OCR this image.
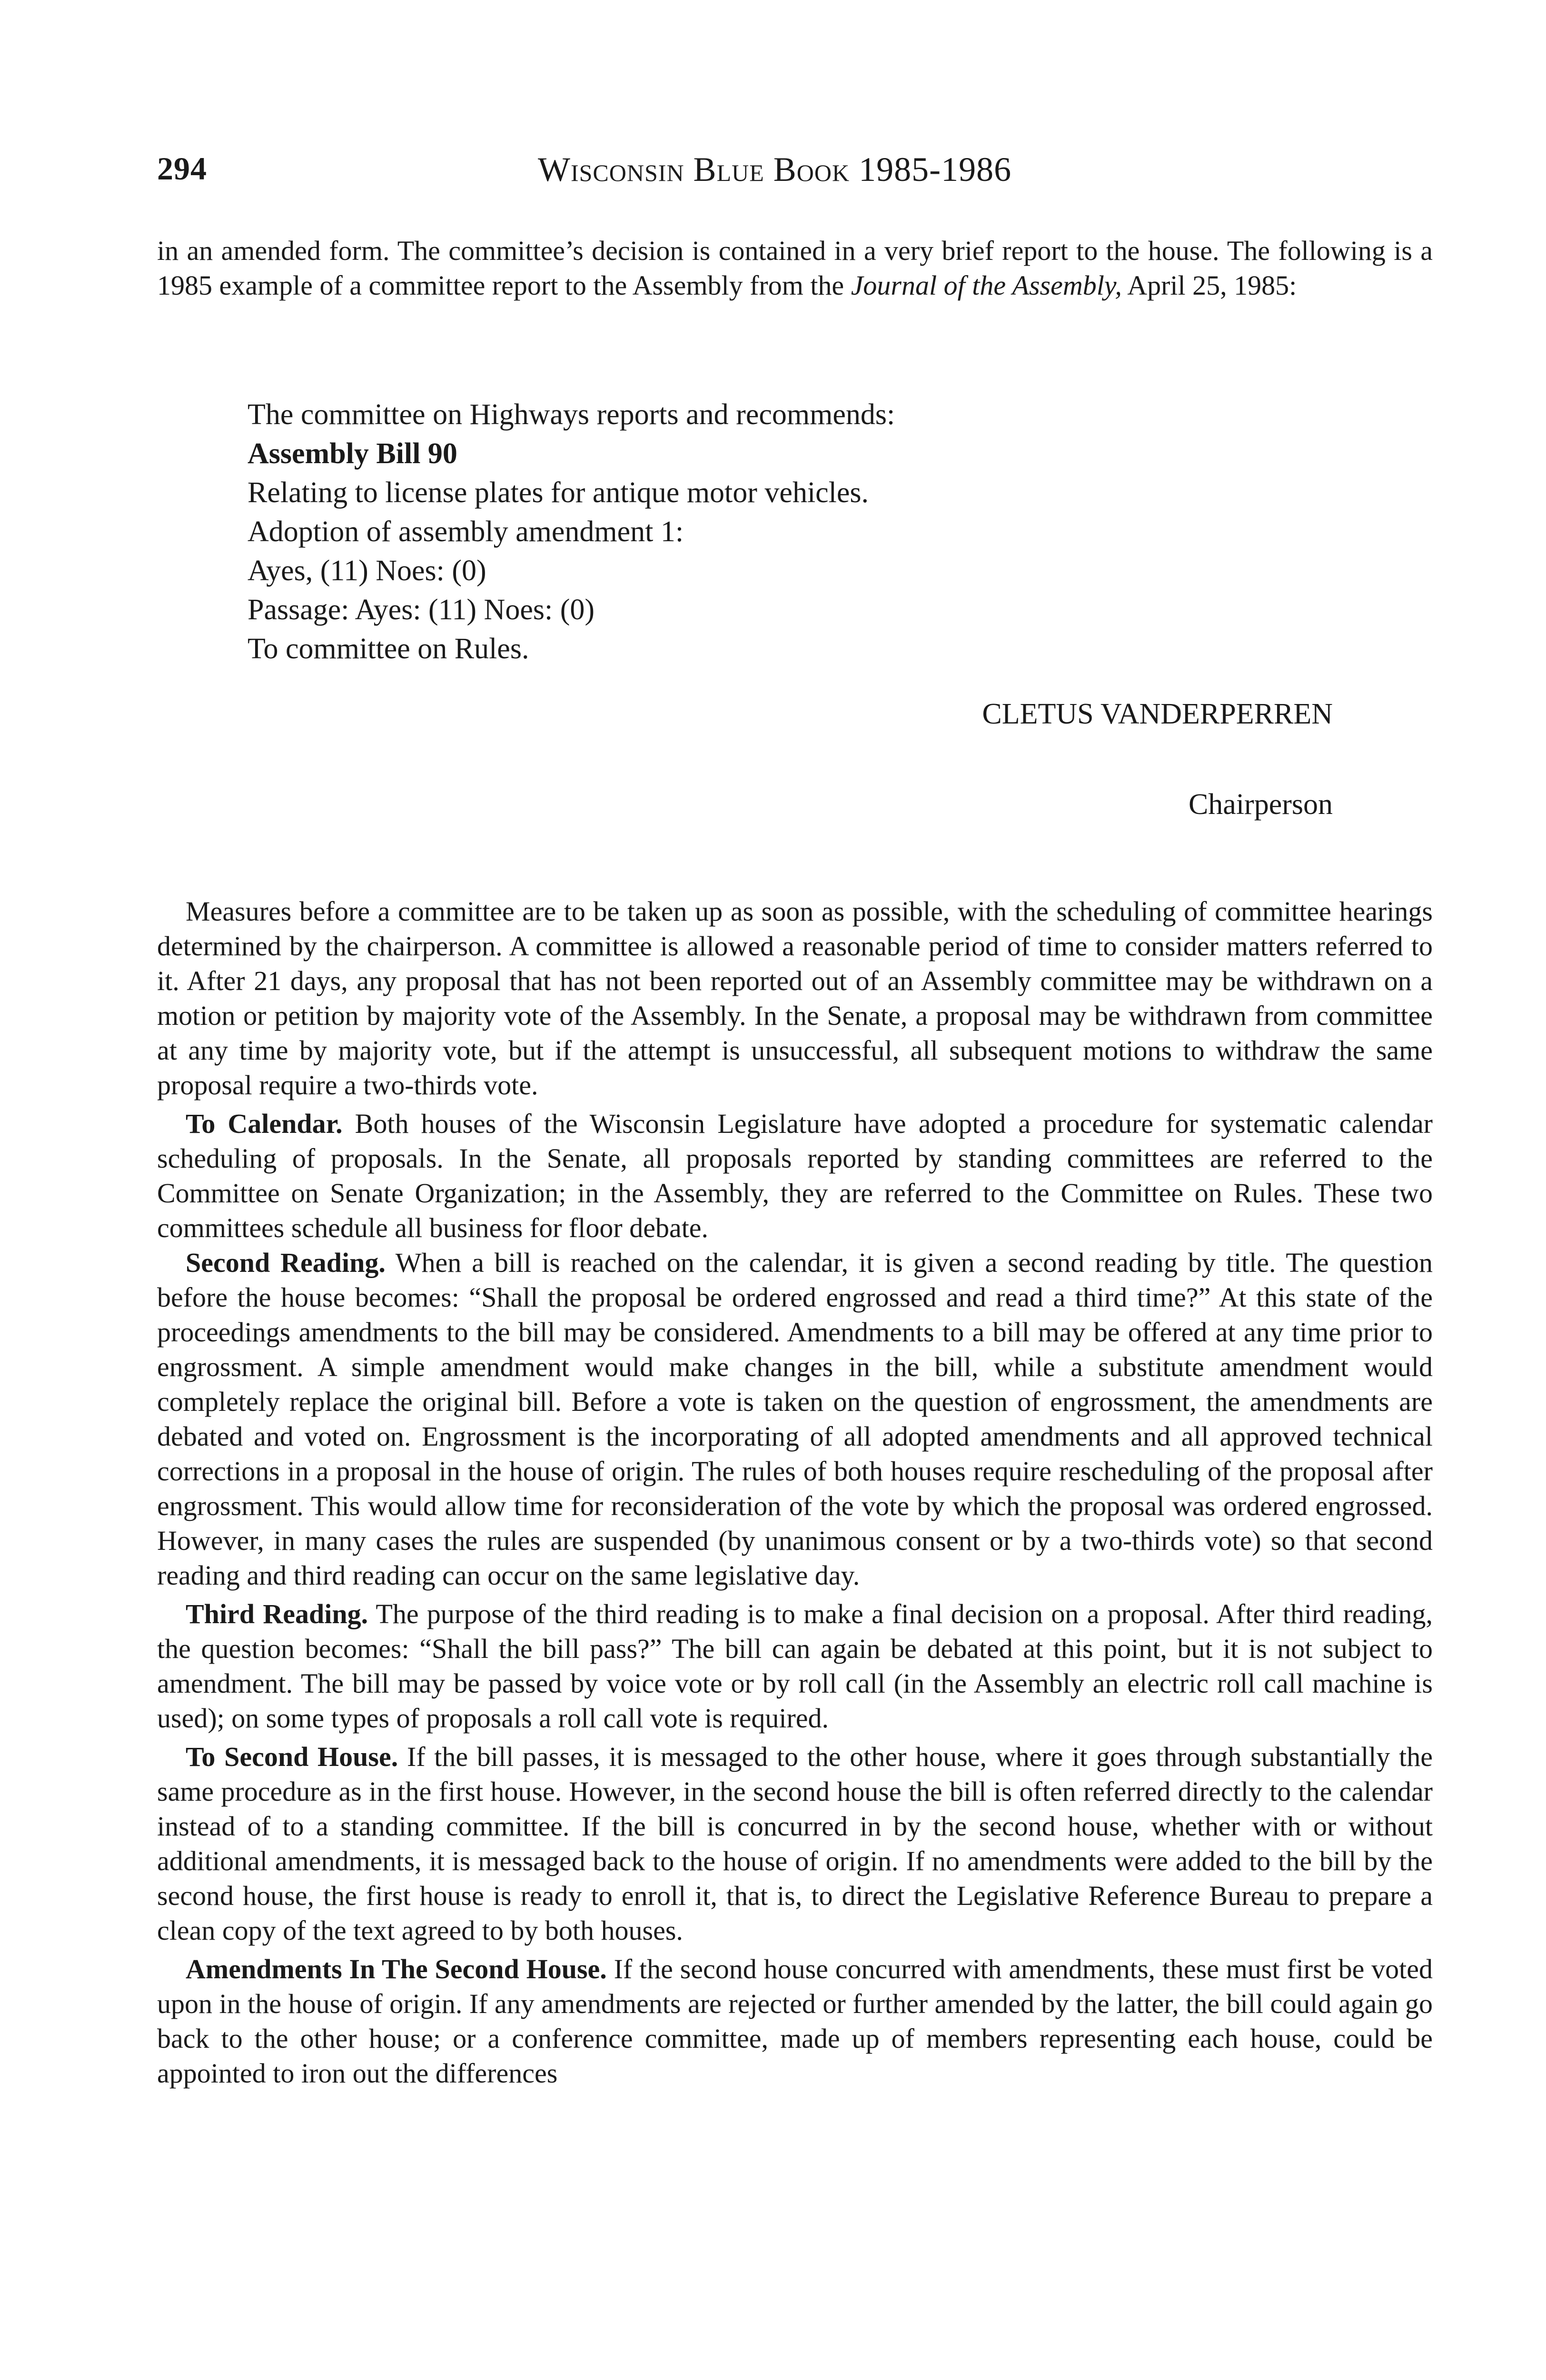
294	Wisconsin Blue Book 1985-1986

in an amended form. The committee’s decision is contained in a very brief report to the house. The following is a 1985 example of a committee report to the Assembly from the Journal of the Assembly, April 25, 1985:

The committee on Highways reports and recommends:
Assembly Bill 90
Relating to license plates for antique motor vehicles.
Adoption of assembly amendment 1:
Ayes, (11) Noes: (0)
Passage: Ayes: (11) Noes: (0)
To committee on Rules.
CLETUS VANDERPERREN
Chairperson

Measures before a committee are to be taken up as soon as possible, with the scheduling of committee hearings determined by the chairperson. A committee is allowed a reasonable period of time to consider matters referred to it. After 21 days, any proposal that has not been reported out of an Assembly committee may be withdrawn on a motion or petition by majority vote of the Assembly. In the Senate, a proposal may be withdrawn from committee at any time by majority vote, but if the attempt is unsuccessful, all subsequent motions to withdraw the same proposal require a two-thirds vote.

To Calendar. Both houses of the Wisconsin Legislature have adopted a procedure for systematic calendar scheduling of proposals. In the Senate, all proposals reported by standing committees are referred to the Committee on Senate Organization; in the Assembly, they are referred to the Committee on Rules. These two committees schedule all business for floor debate.

Second Reading. When a bill is reached on the calendar, it is given a second reading by title. The question before the house becomes: “Shall the proposal be ordered engrossed and read a third time?” At this state of the proceedings amendments to the bill may be considered. Amendments to a bill may be offered at any time prior to engrossment. A simple amendment would make changes in the bill, while a substitute amendment would completely replace the original bill. Before a vote is taken on the question of engrossment, the amendments are debated and voted on. Engrossment is the incorporating of all adopted amendments and all approved technical corrections in a proposal in the house of origin. The rules of both houses require rescheduling of the proposal after engrossment. This would allow time for reconsideration of the vote by which the proposal was ordered engrossed. However, in many cases the rules are suspended (by unanimous consent or by a two-thirds vote) so that second reading and third reading can occur on the same legislative day.

Third Reading. The purpose of the third reading is to make a final decision on a proposal. After third reading, the question becomes: “Shall the bill pass?” The bill can again be debated at this point, but it is not subject to amendment. The bill may be passed by voice vote or by roll call (in the Assembly an electric roll call machine is used); on some types of proposals a roll call vote is required.

To Second House. If the bill passes, it is messaged to the other house, where it goes through substantially the same procedure as in the first house. However, in the second house the bill is often referred directly to the calendar instead of to a standing committee. If the bill is concurred in by the second house, whether with or without additional amendments, it is messaged back to the house of origin. If no amendments were added to the bill by the second house, the first house is ready to enroll it, that is, to direct the Legislative Reference Bureau to prepare a clean copy of the text agreed to by both houses.

Amendments In The Second House. If the second house concurred with amendments, these must first be voted upon in the house of origin. If any amendments are rejected or further amended by the latter, the bill could again go back to the other house; or a conference committee, made up of members representing each house, could be appointed to iron out the differences
